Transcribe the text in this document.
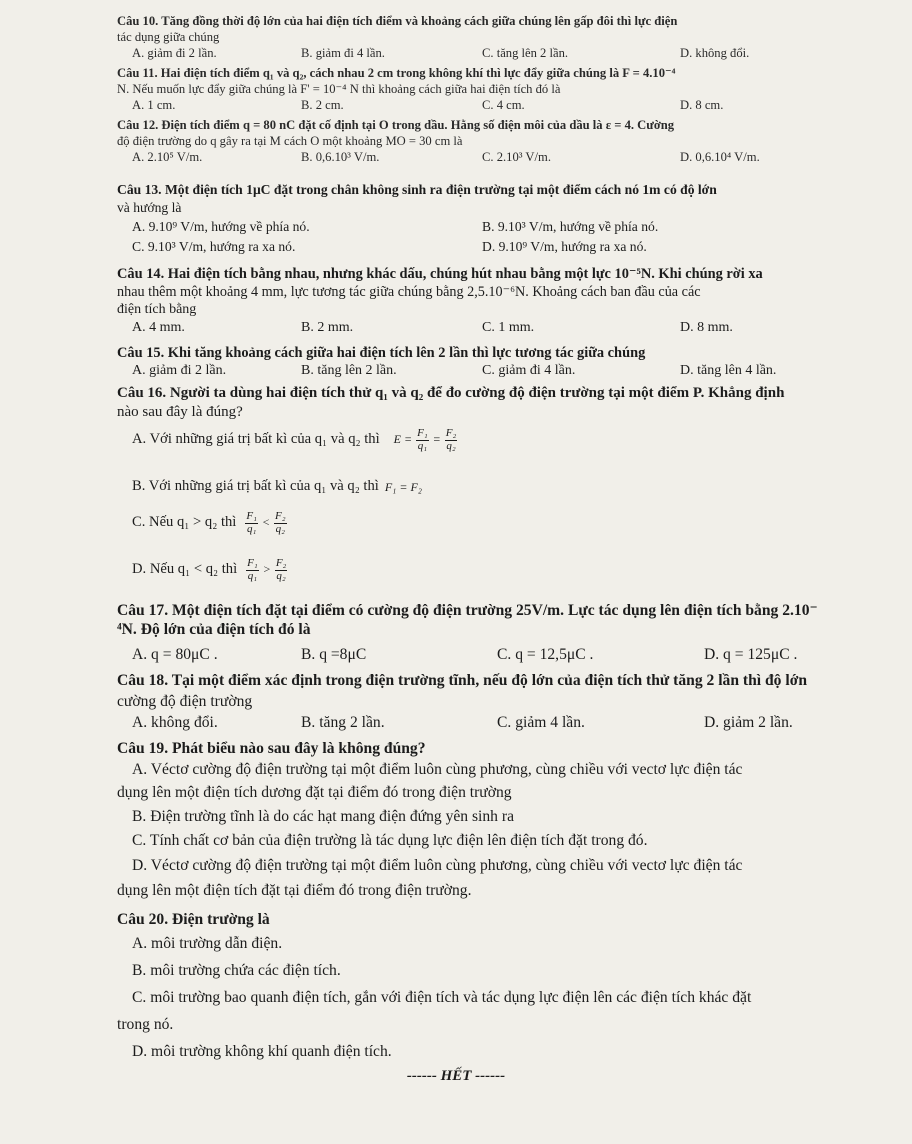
Câu 10. Tăng đồng thời độ lớn của hai điện tích điểm và khoảng cách giữa chúng lên gấp đôi thì lực điện
tác dụng giữa chúng
A. giảm đi 2 lần.	B. giảm đi 4 lần.	C. tăng lên 2 lần.	D. không đổi.
Câu 11. Hai điện tích điểm q₁ và q₂, cách nhau 2 cm trong không khí thì lực đẩy giữa chúng là F = 4.10⁻⁴
N. Nếu muốn lực đẩy giữa chúng là F' = 10⁻⁴ N thì khoảng cách giữa hai điện tích đó là
A. 1 cm.	B. 2 cm.	C. 4 cm.	D. 8 cm.
Câu 12. Điện tích điểm q = 80 nC đặt cố định tại O trong dầu. Hằng số điện môi của dầu là ε = 4. Cường
độ điện trường do q gây ra tại M cách O một khoảng MO = 30 cm là
A. 2.10⁵ V/m.	B. 0,6.10³ V/m.	C. 2.10³ V/m.	D. 0,6.10⁴ V/m.
Câu 13. Một điện tích 1μC đặt trong chân không sinh ra điện trường tại một điểm cách nó 1m có độ lớn
và hướng là
A. 9.10⁹ V/m, hướng về phía nó.	B. 9.10³ V/m, hướng về phía nó.
C. 9.10³ V/m, hướng ra xa nó.	D. 9.10⁹ V/m, hướng ra xa nó.
Câu 14. Hai điện tích bằng nhau, nhưng khác dấu, chúng hút nhau bằng một lực 10⁻⁵N. Khi chúng rời xa
nhau thêm một khoảng 4 mm, lực tương tác giữa chúng bằng 2,5.10⁻⁶N. Khoảng cách ban đầu của các
điện tích bằng
A. 4 mm.	B. 2 mm.	C. 1 mm.	D. 8 mm.
Câu 15. Khi tăng khoảng cách giữa hai điện tích lên 2 lần thì lực tương tác giữa chúng
A. giảm đi 2 lần.	B. tăng lên 2 lần.	C. giảm đi 4 lần.	D. tăng lên 4 lần.
Câu 16. Người ta dùng hai điện tích thử q₁ và q₂ để đo cường độ điện trường tại một điểm P. Khẳng định
nào sau đây là đúng?
A. Với những giá trị bất kì của q₁ và q₂ thì $E = \frac{\text{F₁}}{\text{q₁}} = \frac{\text{F₂}}{\text{q₂}}$
B. Với những giá trị bất kì của q₁ và q₂ thì F₁ = F₂
C. Nếu q₁ > q₂ thì $\frac{\text{F₁}}{\text{q₁}} < \frac{\text{F₂}}{\text{q₂}}$
D. Nếu q₁ < q₂ thì $\frac{\text{F₁}}{\text{q₁}} > \frac{\text{F₂}}{\text{q₂}}$
Câu 17. Một điện tích đặt tại điểm có cường độ điện trường 25V/m. Lực tác dụng lên điện tích bằng 2.10⁻
⁴N. Độ lớn của điện tích đó là
A. q = 80μC .	B. q =8μC	C. q = 12,5μC .	D. q = 125μC .
Câu 18. Tại một điểm xác định trong điện trường tĩnh, nếu độ lớn của điện tích thử tăng 2 lần thì độ lớn
cường độ điện trường
A. không đổi.	B. tăng 2 lần.	C. giảm 4 lần.	D. giảm 2 lần.
Câu 19. Phát biểu nào sau đây là không đúng?
A. Véctơ cường độ điện trường tại một điểm luôn cùng phương, cùng chiều với vectơ lực điện tác
dụng lên một điện tích dương đặt tại điểm đó trong điện trường
B. Điện trường tĩnh là do các hạt mang điện đứng yên sinh ra
C. Tính chất cơ bản của điện trường là tác dụng lực điện lên điện tích đặt trong đó.
D. Véctơ cường độ điện trường tại một điểm luôn cùng phương, cùng chiều với vectơ lực điện tác
dụng lên một điện tích đặt tại điểm đó trong điện trường.
Câu 20. Điện trường là
A. môi trường dẫn điện.
B. môi trường chứa các điện tích.
C. môi trường bao quanh điện tích, gắn với điện tích và tác dụng lực điện lên các điện tích khác đặt
trong nó.
D. môi trường không khí quanh điện tích.
------ HẾT ------
